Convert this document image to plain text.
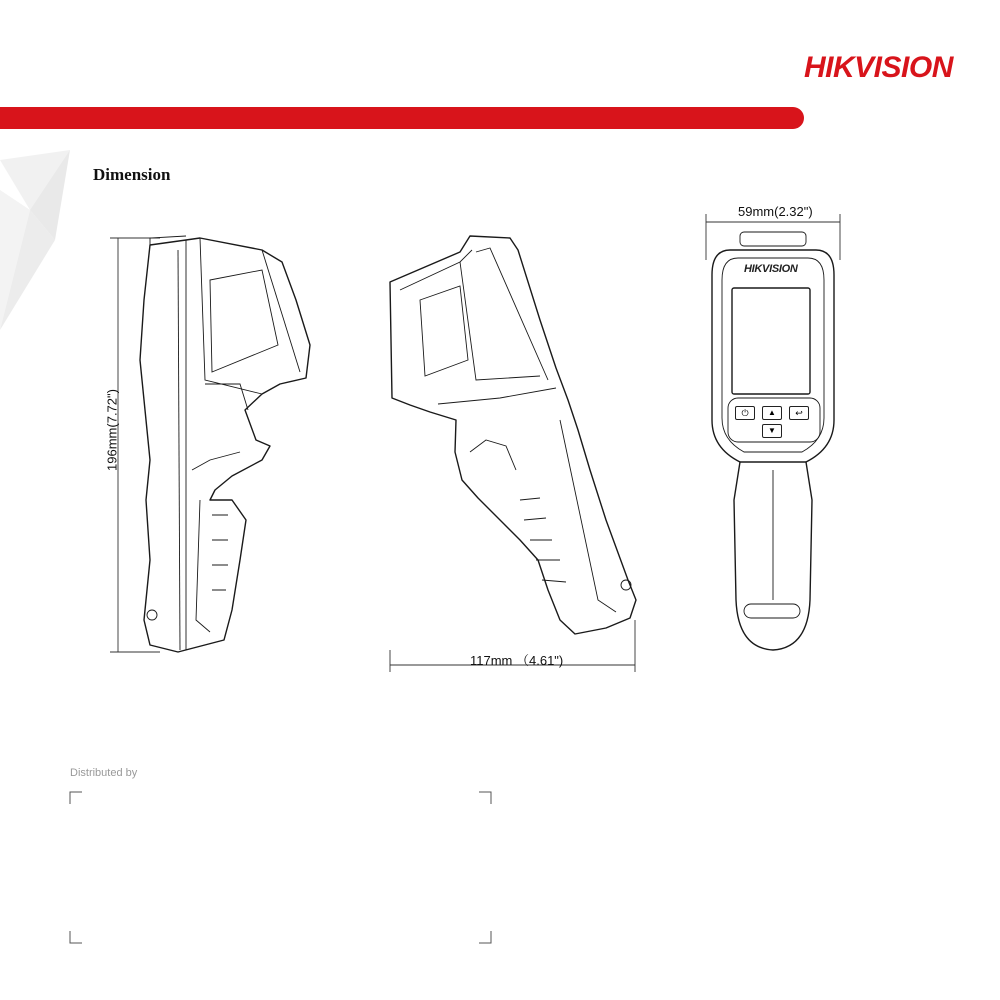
HIKVISION
Dimension
196mm(7.72")
117mm （4.61")
HIKVISION
⏻	▲	↩
▼
59mm(2.32")
Distributed by
